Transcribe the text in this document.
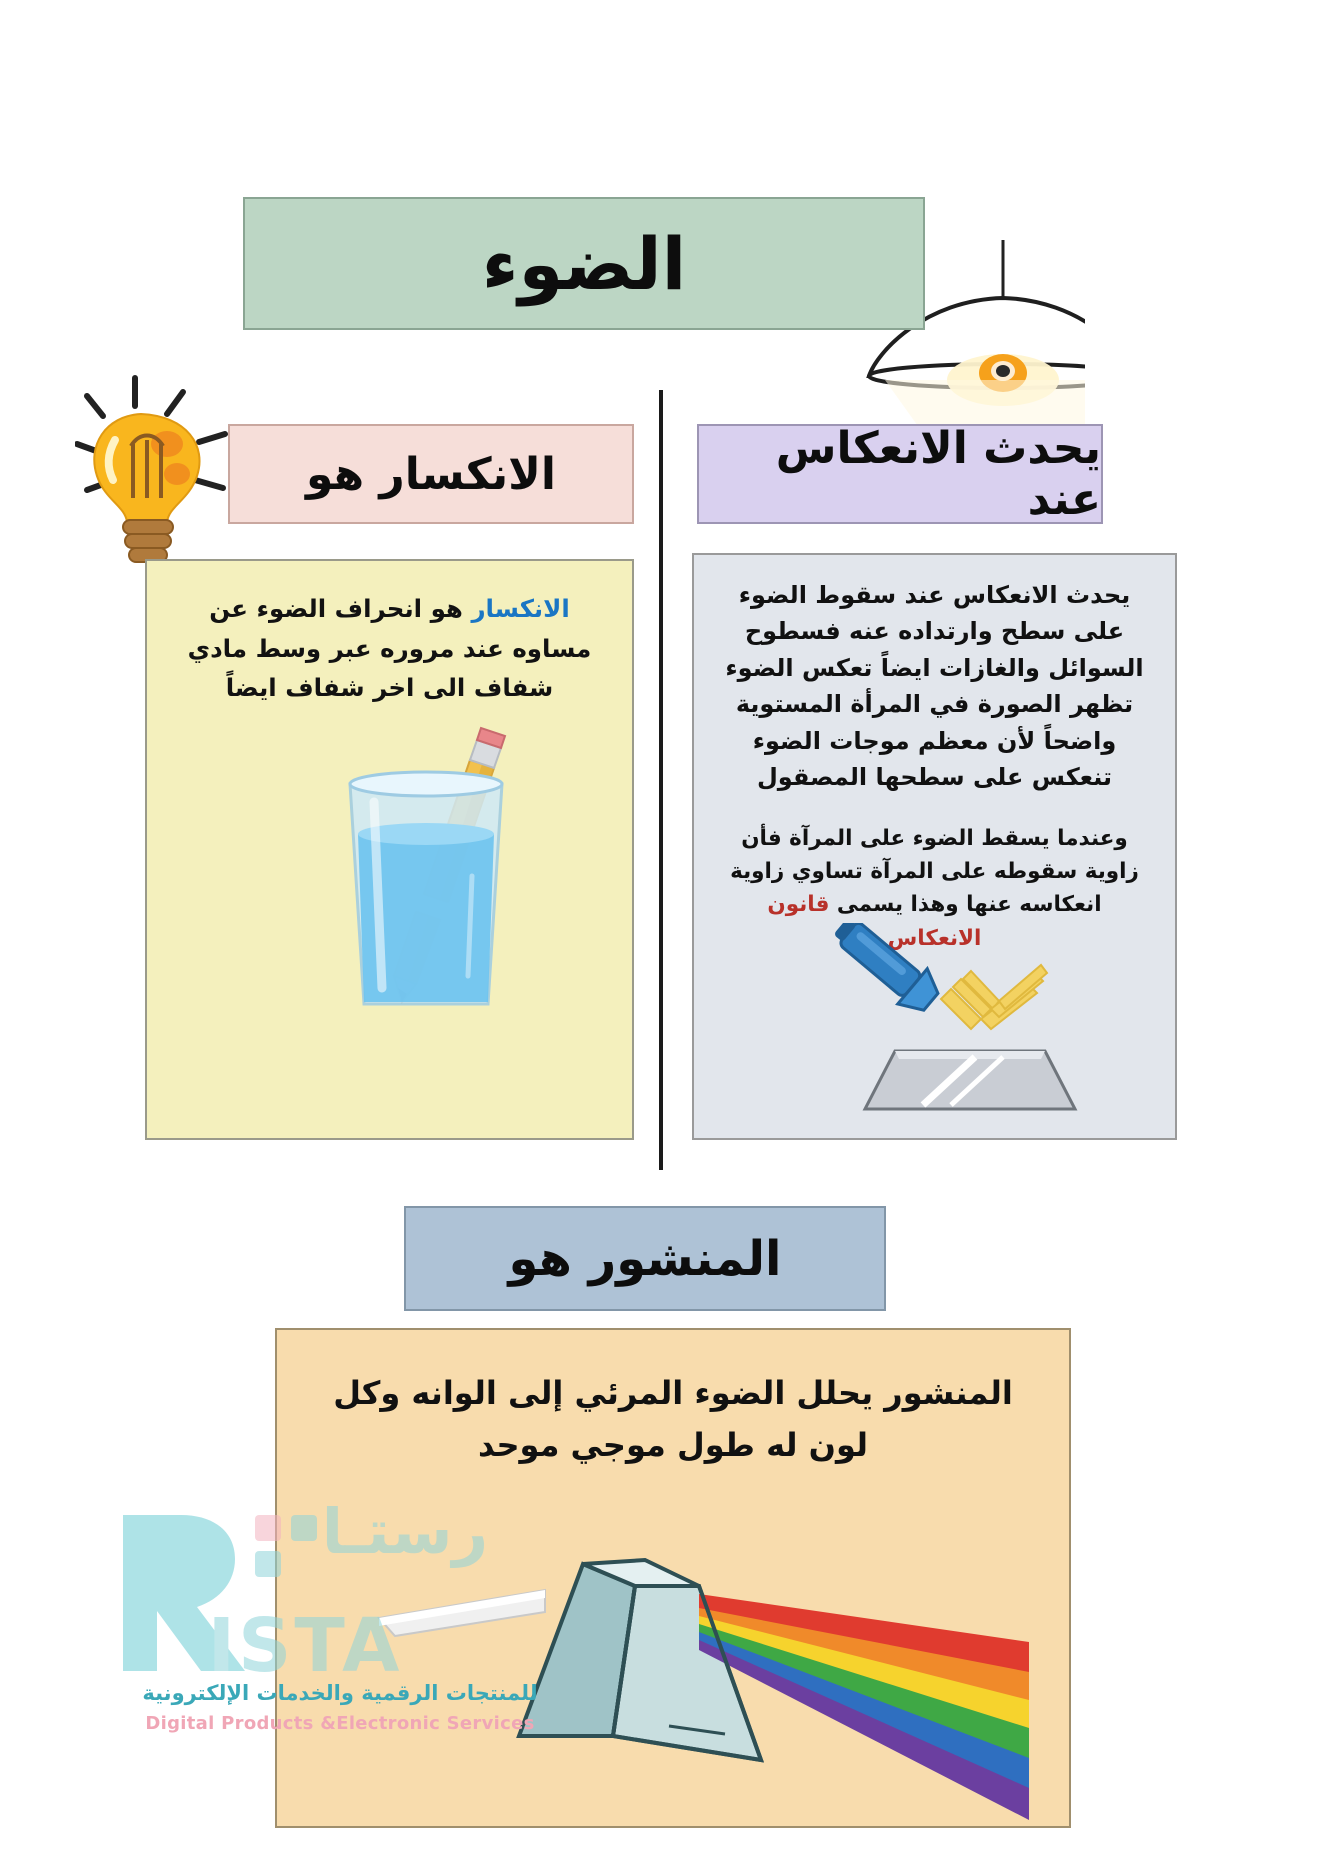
الضوء
الانكسار هو
الانكسار هو انحراف الضوء عن مساوه عند مروره عبر وسط مادي شفاف الى اخر شفاف ايضاً
يحدث الانعكاس عند
يحدث الانعكاس عند سقوط الضوء على سطح وارتداده عنه فسطوح السوائل والغازات ايضاً تعكس الضوء تظهر الصورة في المرأة المستوية واضحاً لأن معظم موجات الضوء تنعكس على سطحها المصقول
وعندما يسقط الضوء على المرآة فأن زاوية سقوطه على المرآة تساوي زاوية انعكاسه عنها وهذا يسمى قانون الانعكاس
المنشور هو
المنشور يحلل الضوء المرئي إلى الوانه وكل لون له طول موجي موحد
رستـا
ISTA
للمنتجات الرقمية والخدمات الإلكترونية
Digital Products &Electronic Services
